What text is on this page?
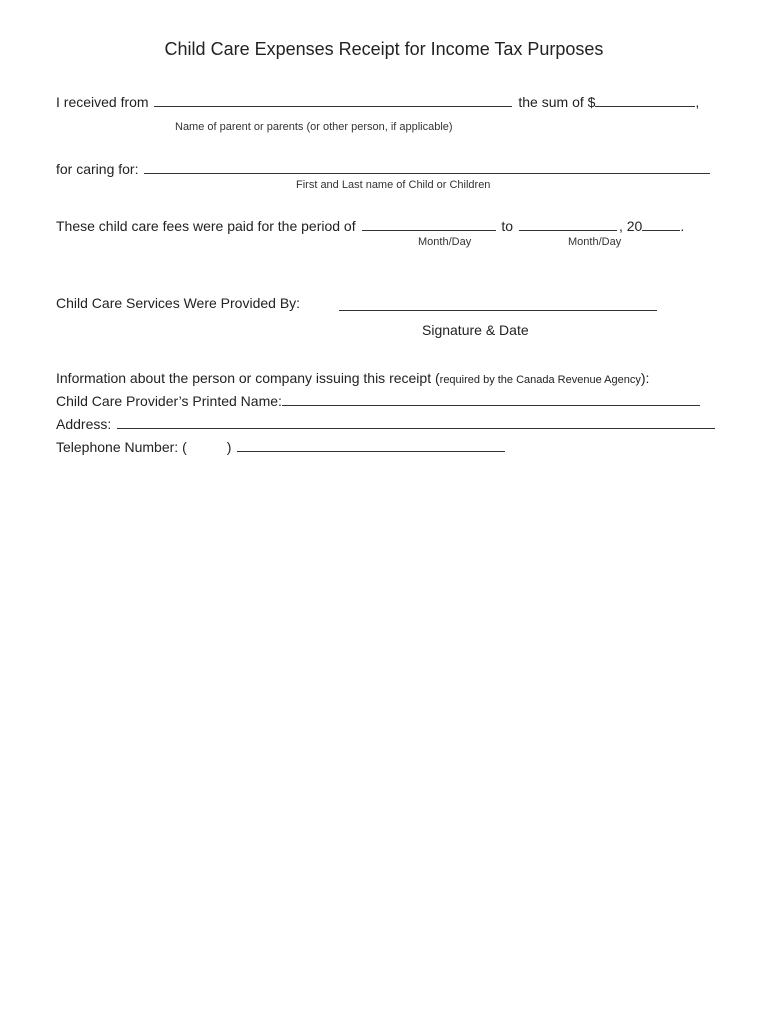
Child Care Expenses Receipt for Income Tax Purposes
I received from	the sum of $	,
Name of parent or parents (or other person, if applicable)
for caring for:
First and Last name of Child or Children
These child care fees were paid for the period of	to	, 20	.
Month/Day	Month/Day
Child Care Services Were Provided By:
Signature & Date
Information about the person or company issuing this receipt (required by the Canada Revenue Agency):
Child Care Provider’s Printed Name:
Address:
Telephone Number: (	)
